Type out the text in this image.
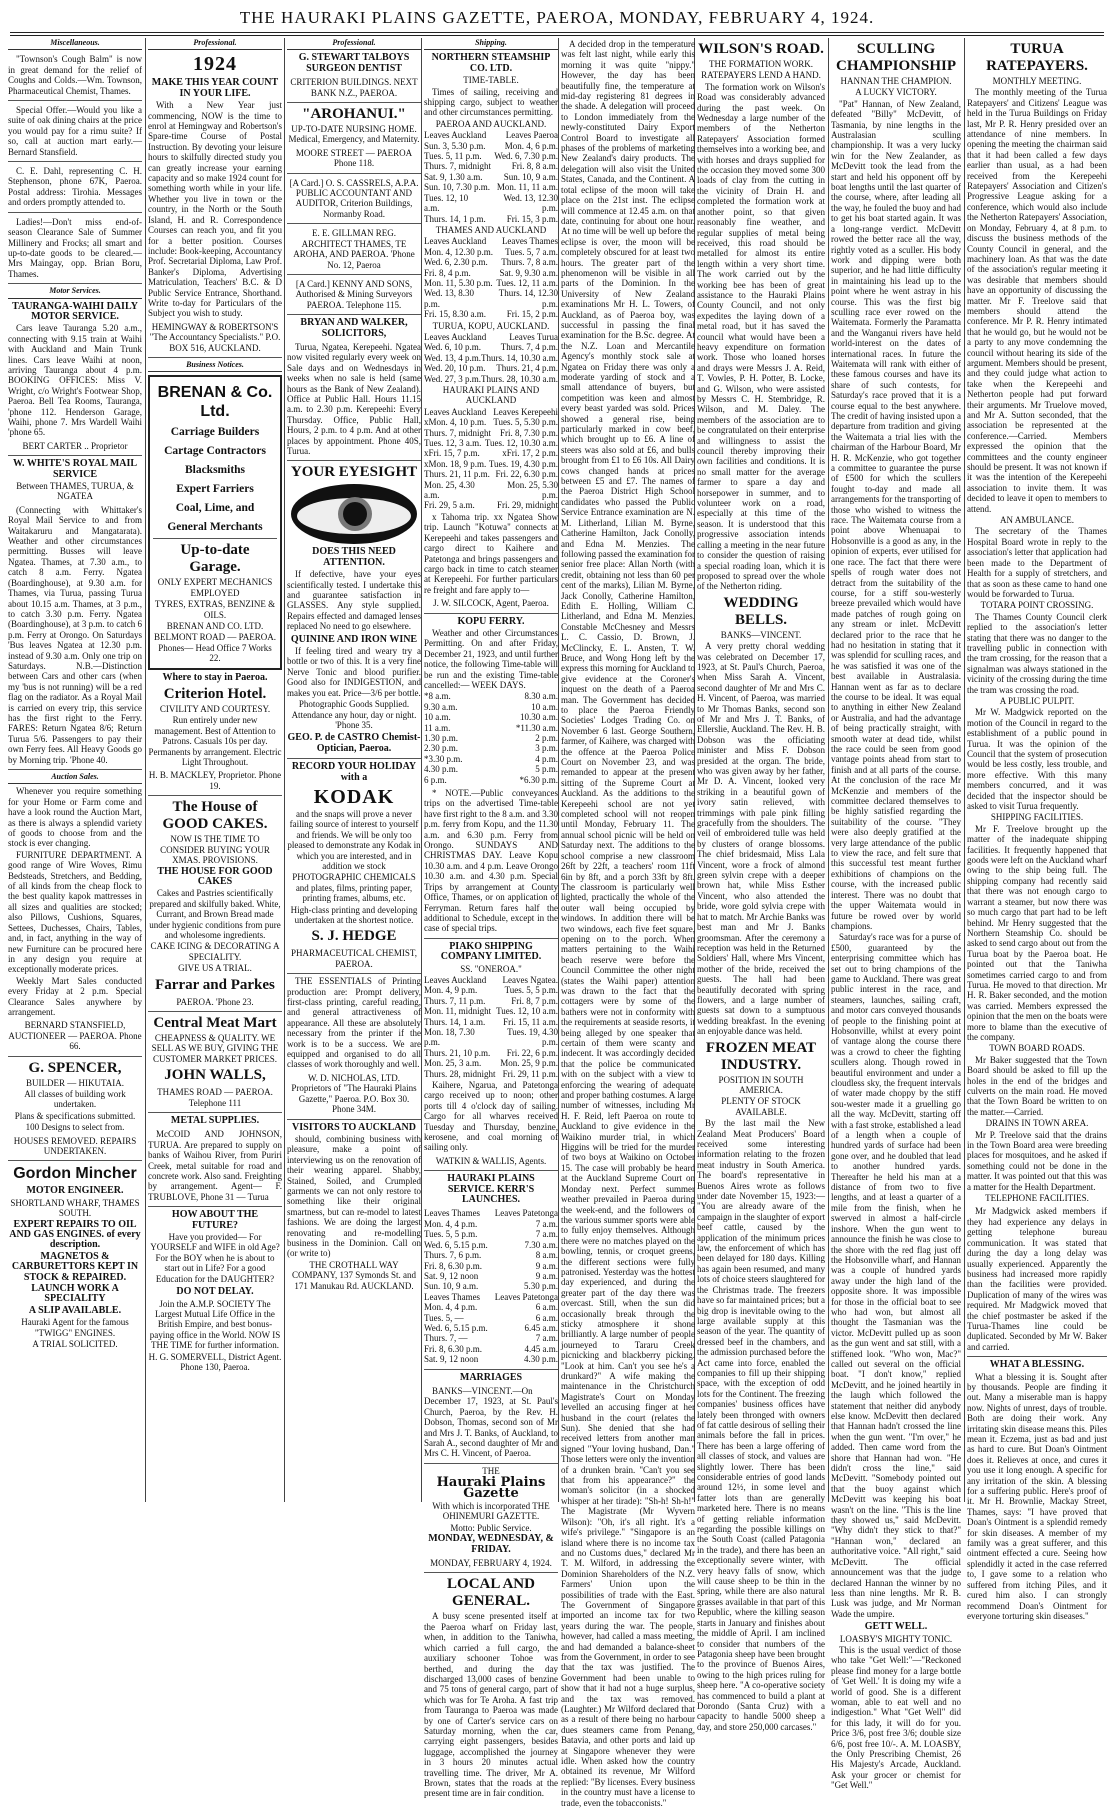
THE HAURAKI PLAINS GAZETTE, PAEROA, MONDAY, FEBRUARY 4, 1924.
Miscellaneous.
"Townson's Cough Balm" is now in great demand for the relief of Coughs and Colds.—Wm. Townson, Pharmaceutical Chemist, Thames.
Special Offer.—Would you like a suite of oak dining chairs at the price you would pay for a rimu suite? If so, call at auction mart early.—Bernard Stansfield.
C. E. Dahl, representing C. H. Stephenson, phone 67K, Paeroa. Postal address: Tirohia. Messages and orders promptly attended to.
Ladies!—Don't miss end-of-season Clearance Sale of Summer Millinery and Frocks; all smart and up-to-date goods to be cleared.—Mrs Maingay, opp. Brian Boru, Thames.
Motor Services.
TAURANGA-WAIHI DAILY MOTOR SERVICE.
Cars leave Tauranga 5.20 a.m., connecting with 9.15 train at Waihi with Auckland and Main Trunk lines. Cars leave Waihi at noon, arriving Tauranga about 4 p.m. BOOKING OFFICES: Miss V. Wright, c/o Wright's Footwear Shop, Paeroa. Bell Tea Rooms, Tauranga, 'phone 112. Henderson Garage, Waihi, phone 7. Mrs Wardell Waihi 'phone 65.
BERT CARTER .. Proprietor
W. WHITE'S ROYAL MAIL SERVICE
Between THAMES, TURUA, & NGATEA
(Connecting with Whittaker's Royal Mail Service to and from Waitakaruru and Mangatarata). Weather and other circumstances permitting. Busses will leave Ngatea. Thames, at 7.30 a.m., to catch 8 a.m. Ferry. Ngatea (Boardinghouse), at 9.30 a.m. for Thames, via Turua, passing Turua about 10.15 a.m. Thames, at 3 p.m., to catch 3.30 p.m. Ferry. Ngatea (Boardinghouse), at 3 p.m. to catch 6 p.m. Ferry at Orongo. On Saturdays 'Bus leaves Ngatea at 12.30 p.m. instead of 9.30 a.m. Only one trip on Saturdays. N.B.—Distinction between Cars and other cars (when my 'bus is not running) will be a red flag on the radiator. As a Royal Mail is carried on every trip, this service has the first right to the Ferry. FARES: Return Ngatea 8/6; Return Turua 5/6. Passengers to pay their own Ferry fees. All Heavy Goods go by Morning trip. 'Phone 40.
Auction Sales.
Whenever you require something for your Home or Farm come and have a look round the Auction Mart, as there is always a splendid variety of goods to choose from and the stock is ever changing.
FURNITURE DEPARTMENT. A good range of Wire Woves, Rimu Bedsteads, Stretchers, and Bedding, of all kinds from the cheap flock to the best quality kapok mattresses in all sizes and qualities are stocked; also Pillows, Cushions, Squares, Settees, Duchesses, Chairs, Tables, and, in fact, anything in the way of new Furniture can be procured here in any design you require at exceptionally moderate prices.
Weekly Mart Sales conducted every Friday at 2 p.m. Special Clearance Sales anywhere by arrangement.
BERNARD STANSFIELD, AUCTIONEER — PAEROA. Phone 66.
G. SPENCER,
BUILDER — HIKUTAIA.
All classes of building work undertaken.
Plans & specifications submitted.
100 Designs to select from.
HOUSES REMOVED. REPAIRS UNDERTAKEN.
Gordon Mincher
MOTOR ENGINEER.
SHORTLAND WHARF, THAMES SOUTH.
EXPERT REPAIRS TO OIL AND GAS ENGINES. of every description.
MAGNETOS & CARBURETTORS KEPT IN STOCK & REPAIRED.
LAUNCH WORK A SPECIALITY
A SLIP AVAILABLE.
Hauraki Agent for the famous "TWIGG" ENGINES.
A TRIAL SOLICITED.
Professional.
1924
MAKE THIS YEAR COUNT IN YOUR LIFE.
With a New Year just commencing, NOW is the time to enrol at Hemingway and Robertson's Spare-time Course of Postal Instruction. By devoting your leisure hours to skilfully directed study you can greatly increase your earning capacity and so make 1924 count for something worth while in your life. Whether you live in town or the country, in the North or the South Island, H. and R. Correspondence Courses can reach you, and fit you for a better position. Courses include: Book-keeping, Accountancy Prof. Secretarial Diploma, Law Prof. Banker's Diploma, Advertising Matriculation, Teachers' B.C. & D Public Service Entrance, Shorthand. Write to-day for Particulars of the Subject you wish to study.
HEMINGWAY & ROBERTSON'S "The Accountancy Specialists." P.O. BOX 516, AUCKLAND.
Business Notices.
BRENAN & Co. Ltd.
Carriage Builders
Cartage Contractors
Blacksmiths
Expert Farriers
Coal, Lime, and
General Merchants
Up-to-date Garage.
ONLY EXPERT MECHANICS EMPLOYED
TYRES, EXTRAS, BENZINE & OILS.
BRENAN AND CO. LTD.
BELMONT ROAD — PAEROA. Phones— Head Office 7 Works 22.
Where to stay in Paeroa.
Criterion Hotel.
CIVILITY AND COURTESY.
Run entirely under new management. Best of Attention to Patrons. Casuals 10s per day. Permanents by arrangement. Electric Light Throughout.
H. B. MACKLEY, Proprietor. Phone 19.
The House of GOOD CAKES.
NOW IS THE TIME TO CONSIDER BUYING YOUR XMAS. PROVISIONS.
THE HOUSE FOR GOOD CAKES
Cakes and Pastries scientifically prepared and skilfully baked. White, Currant, and Brown Bread made under hygienic conditions from pure and wholesome ingredients.
CAKE ICING & DECORATING A SPECIALITY.
GIVE US A TRIAL.
Farrar and Parkes
PAEROA. 'Phone 23.
Central Meat Mart
CHEAPNESS & QUALITY. WE SELL AS WE BUY, GIVING THE CUSTOMER MARKET PRICES.
JOHN WALLS,
THAMES ROAD — PAEROA. Telephone 111
METAL SUPPLIES.
McCOID AND JOHNSON, TURUA. Are prepared to supply on banks of Waihou River, from Puriri Creek, metal suitable for road and concrete work. Also sand. Freighting by arrangement. Agent— F. TRUBLOVE, Phone 31 — Turua
HOW ABOUT THE FUTURE?
Have you provided— For YOURSELF and WIFE in old Age? For the BOY when he is about to start out in Life? For a good Education for the DAUGHTER?
DO NOT DELAY.
Join the A.M.P. SOCIETY The Largest Mutual Life Office in the British Empire, and best bonus-paying office in the World. NOW IS THE TIME for further information.
H. G. SOMERVELL, District Agent. Phone 130, Paeroa.
Professional.
G. STEWART TALBOYS SURGEON DENTIST
CRITERION BUILDINGS. NEXT BANK N.Z., PAEROA.
"AROHANUI."
UP-TO-DATE NURSING HOME. Medical, Emergency, and Maternity.
MOORE STREET — PAEROA Phone 118.
[A Card.] O. S. CASSRELS, A.P.A. PUBLIC ACCOUNTANT AND AUDITOR, Criterion Buildings, Normanby Road.
E. E. GILLMAN REG. ARCHITECT THAMES, TE AROHA, AND PAEROA. 'Phone No. 12, Paeroa
[A Card.] KENNY AND SONS, Authorised & Mining Surveyors PAEROA. Telephone 115.
BRYAN AND WALKER, SOLICITORS,
Turua, Ngatea, Kerepeehi. Ngatea now visited regularly every week on Sale days and on Wednesdays in weeks when no sale is held (same hours as the Bank of New Zealand). Office at Public Hall. Hours 11.15 a.m. to 2.30 p.m. Kerepeehi: Every Thursday. Office, Public Hall, Hours, 2 p.m. to 4 p.m. And at other places by appointment. Phone 40S, Turua.
YOUR EYESIGHT
DOES THIS NEED ATTENTION.
If defective, have your eyes scientifically tested. I undertake this and guarantee satisfaction in GLASSES. Any style supplied. Repairs effected and damaged lenses replaced No need to go elsewhere.
QUININE AND IRON WINE
If feeling tired and weary try a bottle or two of this. It is a very fine Nerve Tonic and blood purifier. Good also for INDIGESTION, and makes you eat. Price—3/6 per bottle.
Photographic Goods Supplied. Attendance any hour, day or night. 'Phone 35.
GEO. P. de CASTRO Chemist-Optician, Paeroa.
RECORD YOUR HOLIDAY with a
KODAK
and the snaps will prove a never failing source of interest to yourself and friends. We will be only too pleased to demonstrate any Kodak in which you are interested, and in addition we stock
PHOTOGRAPHIC CHEMICALS and plates, films, printing paper, printing frames, albums, etc.
High-class printing and developing undertaken at the shortest notice.
S. J. HEDGE
PHARMACEUTICAL CHEMIST, PAEROA.
THE ESSENTIALS of Printing production are: Prompt delivery, first-class printing, careful reading, and general attractiveness of appearance. All these are absolutely necessary from the printer if the work is to be a success. We are equipped and organised to do all classes of work thoroughly and well.
W. D. NICHOLAS, LTD. Proprietors of "The Hauraki Plains Gazette," Paeroa. P.O. Box 30. Phone 34M.
VISITORS TO AUCKLAND
should, combining business with pleasure, make a point of interviewing us on the renovation of their wearing apparel. Shabby, Stained, Soiled, and Crumpled garments we can not only restore to something like their original smartness, but can re-model to latest fashions. We are doing the largest renovating and re-modelling business in the Dominion. Call on (or write to)
THE CROTHALL WAY COMPANY, 137 Symonds St. and 171 Manukau Rd. AUCKLAND.
Shipping.
NORTHERN STEAMSHIP CO. LTD.
TIME-TABLE.
Times of sailing, receiving and shipping cargo, subject to weather and other circumstances permitting.
PAEROA AND AUCKLAND.
Leaves Auckland Leaves Paeroa
Sun. 3, 5.30 p.m. Mon. 4, 6 p.m.
Tues. 5, 11 p.m. Wed. 6, 7.30 p.m.
Thurs. 7, midnight Fri. 8, 8 a.m.
Sat. 9, 1.30 a.m. Sun. 10, 9 a.m.
Sun. 10, 7.30 p.m. Mon. 11, 11 a.m.
Tues. 12, 10 a.m.
Wed. 13, 12.30 p.m.
Thurs. 14, 1 p.m. Fri. 15, 3 p.m.
THAMES AND AUCKLAND
Leaves Auckland Leaves Thames
Mon. 4, 12.30 p.m. Tues. 5, 7 a.m.
Wed. 6, 2.30 p.m. Thurs. 7, 8 a.m.
Fri. 8, 4 p.m.	Sat. 9, 9.30 a.m.
Mon. 11, 5.30 p.m. Tues. 12, 11 a.m.
Wed. 13, 8.30 p.m.
Thurs. 14, 12.30 p.m.
Fri. 15, 8.30 a.m. Fri. 15, 2 p.m.
TURUA, KOPU, AUCKLAND.
Leaves Auckland	Leaves Turua
Wed. 6, 10 p.m. Thurs. 7, 4 p.m.
Wed. 13, 4 p.m. Thurs. 14, 10.30 a.m.
Wed. 20, 10 p.m. Thurs. 21, 4 p.m.
Wed. 27, 3 p.m. Thurs. 28, 10.30 a.m.
HAURAKI PLAINS AND AUCKLAND
Leaves Auckland Leaves Kerepeehi
xMon. 4, 10 p.m. Tues. 5, 5.30 p.m.
Thurs. 7, midnight Fri. 8, 7.30 p.m.
Tues. 12, 3 a.m. Tues. 12, 10.30 a.m.
xFri. 15, 7 p.m. xFri. 17, 2 p.m.
xMon. 18, 9 p.m. Tues. 19, 4.30 p.m.
Thurs. 21, 11 p.m. Fri. 22, 6.30 p.m.
Mon. 25, 4.30 a.m.
Mon. 25, 5.30 p.m.
Fri. 29, 5 a.m. Fri. 29, midnight
x Tahoma trip. xx Ngatea Show trip. Launch "Kotuwa" connects at Kerepeehi and takes passengers and cargo direct to Kaihere and Patetonga and brings passengers and cargo back in time to catch steamer at Kerepeehi. For further particulars re freight and fare apply to—
J. W. SILCOCK, Agent, Paeroa.
KOPU FERRY.
Weather and other Circumstances Permitting. On and after Friday, December 21, 1923, and until further notice, the following Time-table will be run and the existing Time-table cancelled:— WEEK DAYS.
*8 a.m.	8.30 a.m.
9.30 a.m.	10 a.m.
10 a.m.	10.30 a.m.
11 a.m.	*11.30 a.m.
1.30 p.m.	2 p.m.
2.30 p.m.	3 p.m.
*3.30 p.m.	4 p.m.
4.30 p.m.	5 p.m.
6 p.m.	*6.30 p.m.
* NOTE.—Public conveyances trips on the advertised Time-table have first right to the 8 a.m. and 3.30 p.m. ferry from Kopu, and the 11.30 a.m. and 6.30 p.m. Ferry from Orongo. SUNDAYS AND CHRISTMAS DAY. Leave Kopu 10.30 a.m. and 4 p.m. Leave Orongo 10.30 a.m. and 4.30 p.m. Special Trips by arrangement at County Office, Thames, or on application of Ferryman. Return fares half the additional to Schedule, except in the case of special trips.
PIAKO SHIPPING COMPANY LIMITED.
SS. "ONEROA."
Leaves Auckland Leaves Ngatea.
Mon. 4, 9 p.m.	Tues. 5, 5 p.m.
Thurs. 7, 11 p.m.	Fri. 8, 7 p.m.
Mon. 11, midnight Tues. 12, 10 a.m.
Thurs. 14, 1 a.m. Fri. 15, 11 a.m.
Mon. 18, 7.30 p.m.
Tues. 19, 4.30 p.m.
Thurs. 21, 10 p.m. Fri. 22, 6 p.m.
Mon. 25, 3 a.m. Mon. 25, 9 p.m.
Thurs. 28, midnight Fri. 29, 11 p.m.
Kaihere, Ngarua, and Patetonga cargo received up to noon; other ports till 4 o'clock day of sailing. Cargo for all wharves received Tuesday and Thursday, benzine, kerosene, and coal morning of sailing only.
WATKIN & WALLIS, Agents.
HAURAKI PLAINS SERVICE. KERR'S LAUNCHES.
Leaves Thames Leaves Patetonga
Mon. 4, 4 p.m.	7 a.m.
Tues. 5, 5 p.m.	7 a.m.
Wed. 6, 5.15 p.m.	7.30 a.m.
Thurs. 7, 6 p.m.	8 a.m.
Fri. 8, 6.30 p.m.	9 a.m.
Sat. 9, 12 noon	9 a.m.
Sun. 10, 9 a.m.	5.30 p.m.
Leaves Thames Leaves Patetonga
Mon. 4, 4 p.m.	6 a.m.
Tues. 5, —	6 a.m.
Wed. 6, 5.15 p.m.	6.45 a.m.
Thurs. 7, —	7 a.m.
Fri. 8, 6.30 p.m.	4.45 a.m.
Sat. 9, 12 noon	4.30 p.m.
MARRIAGES
BANKS—VINCENT.—On December 17, 1923, at St. Paul's Church, Paeroa, by the Rev. H. Dobson, Thomas, second son of Mr and Mrs J. T. Banks, of Auckland, to Sarah A., second daughter of Mr and Mrs C. H. Vincent, of Paeroa.
THE
Hauraki Plains Gazette
With which is incorporated THE OHINEMURI GAZETTE.
Motto: Public Service.
MONDAY, WEDNESDAY, & FRIDAY.
MONDAY, FEBRUARY 4, 1924.
LOCAL AND GENERAL.
A busy scene presented itself at the Paeroa wharf on Friday last, when, in addition to the Taniwha, which carried a full cargo, the auxiliary schooner Tohoe was berthed, and during the day discharged 13,000 cases of benzine and 75 tons of general cargo, part of which was for Te Aroha. A fast trip from Tauranga to Paeroa was made by one of Carter's service cars on Saturday morning, when the car, carrying eight passengers, besides luggage, accomplished the journey in 3 hours 20 minutes actual travelling time. The driver, Mr A. Brown, states that the roads at the present time are in fair condition.
A decided drop in the temperature was felt last night, while early this morning it was quite "nippy." However, the day has been beautifully fine, the temperature at mid-day registering 81 degrees in the shade. A delegation will proceed to London immediately from the newly-constituted Dairy Export Control Board to investigate all phases of the problems of marketing New Zealand's dairy products. The delegation will also visit the United States, Canada, and the Continent. A total eclipse of the moon will take place on the 21st inst. The eclipse will commence at 12.45 a.m. on that date, continuing for about one hour. At no time will be well up before the eclipse is over, the moon will be completely obscured for at least two hours. The greater part of the phenomenon will be visible in all parts of the Dominion. In the University of New Zealand examinations Mr H. L. Towers, of Auckland, as of Paeroa boy, was successful in passing the final examination for the B.Sc. degree. At the N.Z. Loan and Mercantile Agency's monthly stock sale at Ngatea on Friday there was only a moderate yarding of stock and a small attendance of buyers, but competition was keen and almost every beast yarded was sold. Prices showed a general rise, being particularly marked in cow beef, which brought up to £6. A line of steers was also sold at £6, and bulls brought from £1 to £6 10s. All Dairy cows changed hands at prices between £5 and £7. The names of the Paeroa District High School candidates who passed the Public Service Entrance examination are N. M. Litherland, Lilian M. Byrne, Catherine Hamilton, Jack Conolly, and Edna M. Menzies. The following passed the examination for senior free place: Allan North (with credit, obtaining not less than 60 per cent of the marks), Lilian M. Byrne, Jack Conolly, Catherine Hamilton, Edith E. Holling, William C. Litherland, and Edna M. Menzies. Constable McChesney and Messrs L. C. Cassio, D. Brown, J. McClincky, E. L. Ansten, T. W. Bruce, and Wong Hong left by the express this morning for Auckland to give evidence at the Coroner's inquest on the death of a Paeroa man. The Government has decided to place the Paeroa Friendly Societies' Lodges Trading Co. on November 6 last. George Southern, farmer, of Kaihere, was charged with the offence at the Paeroa Police Court on November 23, and was remanded to appear at the present sitting of the Supreme Court at Auckland. As the additions to the Kerepeehi school are not yet completed school will not reopen until Monday, February 11. The annual school picnic will be held on Saturday next. The additions to the school comprise a new classroom 26ft by 22ft, a teachers' room 11ft 6in by 8ft, and a porch 33ft by 8ft. The classroom is particularly well lighted, practically the whole of the outer wall being occupied by windows. In addition there will be two windows, each five feet square, opening on to the porch. When matters pertaining to the Waihi beach reserve were before the Council Committee the other night (states the Waihi paper) attention was drawn to the fact that the cottagers were by some of the bathers were not in conformity with the requirements at seaside resorts, it being alleged by one speaker that certain of them were scanty and indecent. It was accordingly decided that the police be communicated with on the subject with a view to enforcing the wearing of adequate and proper bathing costumes. A large number of witnesses, including Mr H. F. Reid, left Paeroa on route to Auckland to give evidence in the Waikino murder trial, in which Higgins will be tried for the murder of two boys at Waikino on October 15. The case will probably be heard at the Auckland Supreme Court on Monday next. Perfect summer weather prevailed in Paeroa during the week-end, and the followers of the various summer sports were able to fully enjoy themselves. Although there were no matches played on the bowling, tennis, or croquet greens, the different sections were fully patronised. Yesterday was the hottest day experienced, and during the greater part of the day there was overcast. Still, when the sun did occasionally break through the sticky atmosphere it shone brilliantly. A large number of people journeyed to Tararu Creek picnicking and blackberry picking. "Look at him. Can't you see he's a drunkard?" A wife making the maintenance in the Christchurch Magistrate's Court on Monday levelled an accusing finger at her husband in the court (relates the Sun). She denied that she had received letters from another man signed "Your loving husband, Dan." Those letters were only the invention of a drunken brain. "Can't you see that from his appearance?" the woman's solicitor (in a shocked whisper at her tirade): "Sh-h! Sh-h!" The Magistrate (Mr Wyvern Wilson): "Oh, it's all right. It's a wife's privilege." "Singapore is an island where there is no income tax and no Customs dues," declared Mr T. M. Wilford, in addressing the Dominion Shareholders of the N.Z. Farmers' Union upon the possibilities of trade with the East. The Government of Singapore imported an income tax for two years during the war. The people, however, had called a mass meeting, and had demanded a balance-sheet from the Government, in order to see that the tax was justified. The Government had been unable to show that it had not a huge surplus, and the tax was removed. (Laughter.) Mr Wilford declared that as a result of there being no harbour dues steamers came from Penang, Batavia, and other ports and laid up at Singapore whenever they were idle. When asked how the country obtained its revenue, Mr Wilford replied: "By licenses. Every business in the country must have a license to trade, even the tobacconists."
WILSON'S ROAD.
THE FORMATION WORK.
RATEPAYERS LEND A HAND.
The formation work on Wilson's Road was considerably advanced during the past week. On Wednesday a large number of the members of the Netherton Ratepayers' Association formed themselves into a working bee, and with horses and drays supplied for the occasion they moved some 300 loads of clay from the cutting in the vicinity of Drain H. and completed the formation work at another point, so that given reasonably fine weather, and regular supplies of metal being received, this road should be metalled for almost its entire length within a very short time. The work carried out by the working bee has been of great assistance to the Hauraki Plains County Council, and not only expedites the laying down of a metal road, but it has saved the council what would have been a heavy expenditure on formation work. Those who loaned horses and drays were Messrs J. A. Reid, T. Vowles, P. H. Potter, B. Locke, and G. Wilson, who were assisted by Messrs C. H. Stembridge, R. Wilson, and M. Daley. The members of the association are to be congratulated on their enterprise and willingness to assist the council thereby improving their own facilities and conditions. It is no small matter for the average farmer to spare a day and horsepower in summer, and to volunteer work on a road, especially at this time of the season. It is understood that this progressive association intends calling a meeting in the near future to consider the question of raising a special roading loan, which it is proposed to spread over the whole of the Netherton riding.
WEDDING BELLS.
BANKS—VINCENT.
A very pretty choral wedding was celebrated on December 17, 1923, at St. Paul's Church, Paeroa, when Miss Sarah A. Vincent, second daughter of Mr and Mrs C. H. Vincent, of Paeroa, was married to Mr Thomas Banks, second son of Mr and Mrs J. T. Banks, of Ellerslie, Auckland. The Rev. H. B. Dobson was the officiating minister and Miss F. Dobson presided at the organ. The bride, who was given away by her father, Mr D. A. Vincent, looked very striking in a beautiful gown of ivory satin relieved, with trimmings with pale pink filling gracefully from the shoulders. The veil of embroidered tulle was held by clusters of orange blossoms. The chief bridesmaid, Miss Lala Vincent, wore a frock of almond green sylvin crepe with a deeper brown hat, while Miss Esther Vincent, who also attended the bride, wore gold sylvia crepe with hat to match. Mr Archie Banks was best man and Mr J. Banks groomsman. After the ceremony a reception was held in the Returned Soldiers' Hall, where Mrs Vincent, mother of the bride, received the guests. The hall had been beautifully decorated with spring flowers, and a large number of guests sat down to a sumptuous wedding breakfast. In the evening an enjoyable dance was held.
FROZEN MEAT INDUSTRY.
POSITION IN SOUTH AMERICA.
PLENTY OF STOCK AVAILABLE.
By the last mail the New Zealand Meat Producers' Board received some interesting information relating to the frozen meat industry in South America. The board's representative in Buenos Aires wrote as follows under date November 15, 1923:— "You are already aware of the campaign in the slaughter of export beef cattle, caused by the application of the minimum prices law, the enforcement of which has been delayed for 180 days. Killing has again been resumed, and many lots of choice steers slaughtered for the Christmas trade. The freezers have so far maintained prices; but a big drop is inevitable owing to the large available supply at this season of the year. The quantity of dressed beef in the chambers, and the admission purchased before the Act came into force, enabled the companies to fill up their shipping space, with the exception of odd lots for the Continent. The freezing companies' business offices have lately been thronged with owners of fat cattle desirous of selling their animals before the fall in prices. There has been a large offering of all classes of stock, and values are slightly lower. There has been considerable entries of good lands around 12½, in some level and fatter lots than are generally marketed here. There is no means of getting reliable information regarding the possible killings on the South Coast (called Patagonia in the trade), and there has been an exceptionally severe winter, with very heavy falls of snow, which will cause sheep to be thin in the spring, while there are also natural grasses available in that part of this Republic, where the killing season starts in January and finishes about the middle of April. I am inclined to consider that numbers of the Patagonia sheep have been brought to the province of Buenos Aires, owing to the high prices ruling for sheep here. "A co-operative society has commenced to build a plant at Dorondo (Santa Cruz) with a capacity to handle 5000 sheep a day, and store 250,000 carcases."
SCULLING CHAMPIONSHIP
HANNAN THE CHAMPION.
A LUCKY VICTORY.
"Pat" Hannan, of New Zealand, defeated "Billy" McDevitt, of Tasmania, by nine lengths in the Australasian sculling championship. It was a very lucky win for the New Zealander, as McDevitt took the lead from the start and held his opponent off by boat lengths until the last quarter of the course, where, after leading all the way, he fouled the buoy and had to get his boat started again. It was a long-range verdict. McDevitt rowed the better race all the way, rightly voted as a sculler. His body work and dipping were both superior, and he had little difficulty in maintaining his lead up to the point where he went astray in his course. This was the first big sculling race ever rowed on the Waitemata. Formerly the Paramatta and the Wanganui rivers have held world-interest on the dates of international races. In future the Waitemata will rank with either of these famous courses and have its share of such contests, for Saturday's race proved that it is a course equal to the best anywhere. The credit of having insisted upon a departure from tradition and giving the Waitemata a trial lies with the chairman of the Harbour Board, Mr H. R. McKenzie, who got together a committee to guarantee the purse of £500 for which the scullers fought to-day and made all arrangements for the transporting of those who wished to witness the race. The Waitemata course from a point above Whenuapai to Hobsonville is a good as any, in the opinion of experts, ever utilised for one race. The fact that there were spells of rough water does not detract from the suitability of the course, for a stiff sou-westerly breeze prevailed which would have made patches of rough going on any stream or inlet. McDevitt declared prior to the race that he had no hesitation in stating that it was splendid for sculling races, and he was satisfied it was one of the best available in Australasia. Hannan went as far as to declare the course to be ideal. It was equal to anything in either New Zealand or Australia, and had the advantage of being practically straight, with smooth water at dead tide, whilst the race could be seen from good vantage points ahead from start to finish and at all parts of the course. At the conclusion of the race Mr McKenzie and members of the committee declared themselves to be highly satisfied regarding the suitability of the course. "They were also deeply gratified at the very large attendance of the public to view the race, and felt sure that this successful test meant further exhibitions of champions on the course, with the increased public interest. There was no doubt that the upper Waitemata would in future be rowed over by world champions.
Saturday's race was for a purse of £500, guaranteed by the enterprising committee which has set out to bring champions of the game to Auckland. There was great public interest in the race, and steamers, launches, sailing craft, and motor cars conveyed thousands of people to the finishing point at Hobsonville, whilst at every point of vantage along the course there was a crowd to cheer the fighting scullers along. Though rowed in beautiful environment and under a cloudless sky, the frequent intervals of water made choppy by the stiff sou-wester made it a gruelling go all the way. McDevitt, starting off with a fast stroke, established a lead of a length when a couple of hundred yards of surface had been gone over, and he doubled that lead to another hundred yards. Thereafter he held his man at a distance of from two to five lengths, and at least a quarter of a mile from the finish, when he swerved in almost a half-circle inshore. When the gun went to announce the finish he was close to the shore with the red flag just off the Hobsonville wharf, and Hannan was a couple of hundred yards away under the high land of the opposite shore. It was impossible for those in the official boat to see who had won, but almost all thought the Tasmanian was the victor. McDevitt pulled up as soon as the gun went and sat still, with a stiffened look. "Who won, Mac?" called out several on the official boat. "I don't know," replied McDevitt, and he joined heartily in the laugh which followed the statement that neither did anybody else know. McDevitt then declared that Hannan hadn't crossed the line when the gun went. "I'm over," he added. Then came word from the shore that Hannan had won. "He didn't cross the line," said McDevitt. "Somebody pointed out that the buoy against which McDevitt was keeping his boat wasn't on the line. "This is the line they showed us," said McDevitt. "Why didn't they stick to that?" "Hannan won," declared an authoritative voice. "All right," said McDevitt. The official announcement was that the judge declared Hannan the winner by no less than nine lengths. Mr R. B. Lusk was judge, and Mr Norman Wade the umpire.
GETT WELL.
LOASBY'S MIGHTY TONIC.
This is the usual verdict of those who take "Get Well:"—"Reckoned please find money for a large bottle of 'Get Well.' It is doing my wife a world of good. She is a different woman, able to eat well and no indigestion." What "Get Well" did for this lady, it will do for you. Price 3/6, post free 3/6; double size 6/6, post free 10/-. A. M. LOASBY, the Only Prescribing Chemist, 26 His Majesty's Arcade, Auckland. Ask your grocer or chemist for "Get Well."
TURUA RATEPAYERS.
MONTHLY MEETING.
The monthly meeting of the Turua Ratepayers' and Citizens' League was held in the Turua Buildings on Friday last, Mr P. R. Henry presided over an attendance of nine members. In opening the meeting the chairman said that it had been called a few days earlier than usual, as a had been received from the Kerepeehi Ratepayers' Association and Citizen's Progressive League asking for a conference, which would also include the Netherton Ratepayers' Association, on Monday, February 4, at 8 p.m. to discuss the business methods of the County Council in general, and the machinery loan. As that was the date of the association's regular meeting it was desirable that members should have an opportunity of discussing the matter. Mr F. Treelove said that members should attend the conference. Mr P. R. Henry intimated that he would go, but he would not be a party to any move condemning the council without hearing its side of the argument. Members should be present, and they could judge what action to take when the Kerepeehi and Netherton people had put forward their arguments. Mr Truelove moved, and Mr A. Sutton seconded, that the association be represented at the conference.—Carried. Members expressed the opinion that the committees and the county engineer should be present. It was not known if it was the intention of the Kerepeehi association to invite them. It was decided to leave it open to members to attend.
AN AMBULANCE.
The secretary of the Thames Hospital Board wrote in reply to the association's letter that application had been made to the Department of Health for a supply of stretchers, and that as soon as these came to hand one would be forwarded to Turua.
TOTARA POINT CROSSING.
The Thames County Council clerk replied to the association's letter stating that there was no danger to the travelling public in connection with the tram crossing, for the reason that a signalman was always stationed in the vicinity of the crossing during the time the tram was crossing the road.
A PUBLIC PULPIT.
Mr W. Madgwick reported on the motion of the Council in regard to the establishment of a public pound in Turua. It was the opinion of the Council that the system of prosecution would be less costly, less trouble, and more effective. With this many members concurred, and it was decided that the inspector should be asked to visit Turua frequently.
SHIPPING FACILITIES.
Mr F. Treelove brought up the matter of the inadequate shipping facilities. It frequently happened that goods were left on the Auckland wharf owing to the ship being full. The shipping company had recently said that there was not enough cargo to warrant a steamer, but now there was so much cargo that part had to be left behind. Mr Henry suggested that the Northern Steamship Co. should be asked to send cargo about out from the Turua boat by the Paeroa boat. He pointed out that the Taniwha sometimes carried cargo to and from Turua. He moved to that direction. Mr H. R. Baker seconded, and the motion was carried. Members expressed the opinion that the men on the boats were more to blame than the executive of the company.
TOWN BOARD ROADS.
Mr Baker suggested that the Town Board should be asked to fill up the holes in the end of the bridges and culverts on the main road. He moved that the Town Board be written to on the matter.—Carried.
DRAINS IN TOWN AREA.
Mr P. Treelove said that the drains in the Town Board area were breeding places for mosquitoes, and he asked if something could not be done in the matter. It was pointed out that this was a matter for the Health Department.
TELEPHONE FACILITIES.
Mr Madgwick asked members if they had experience any delays in getting telephone bureau communication. It was stated that during the day a long delay was usually experienced. Apparently the business had increased more rapidly than the facilities were provided. Duplication of many of the wires was required. Mr Madgwick moved that the chief postmaster be asked if the Turua-Thames line could be duplicated. Seconded by Mr W. Baker and carried.
WHAT A BLESSING.
What a blessing it is. Sought after by thousands. People are finding it out. Many a miserable man is happy now. Nights of unrest, days of trouble. Both are doing their work. Any irritating skin disease means this. Piles mean it. Eczema, just as bad and just as hard to cure. But Doan's Ointment does it. Relieves at once, and cures it you use it long enough. A specific for any irritation of the skin. A blessing for a suffering public. Here's proof of it. Mr H. Brownlie, Mackay Street, Thames, says: "I have proved that Doan's Ointment is a splendid remedy for skin diseases. A member of my family was a great sufferer, and this ointment effected a cure. Seeing how splendidly it acted in the case referred to, I gave some to a relation who suffered from itching Piles, and it cured him also. I can strongly recommend Doan's Ointment for everyone torturing skin diseases."
